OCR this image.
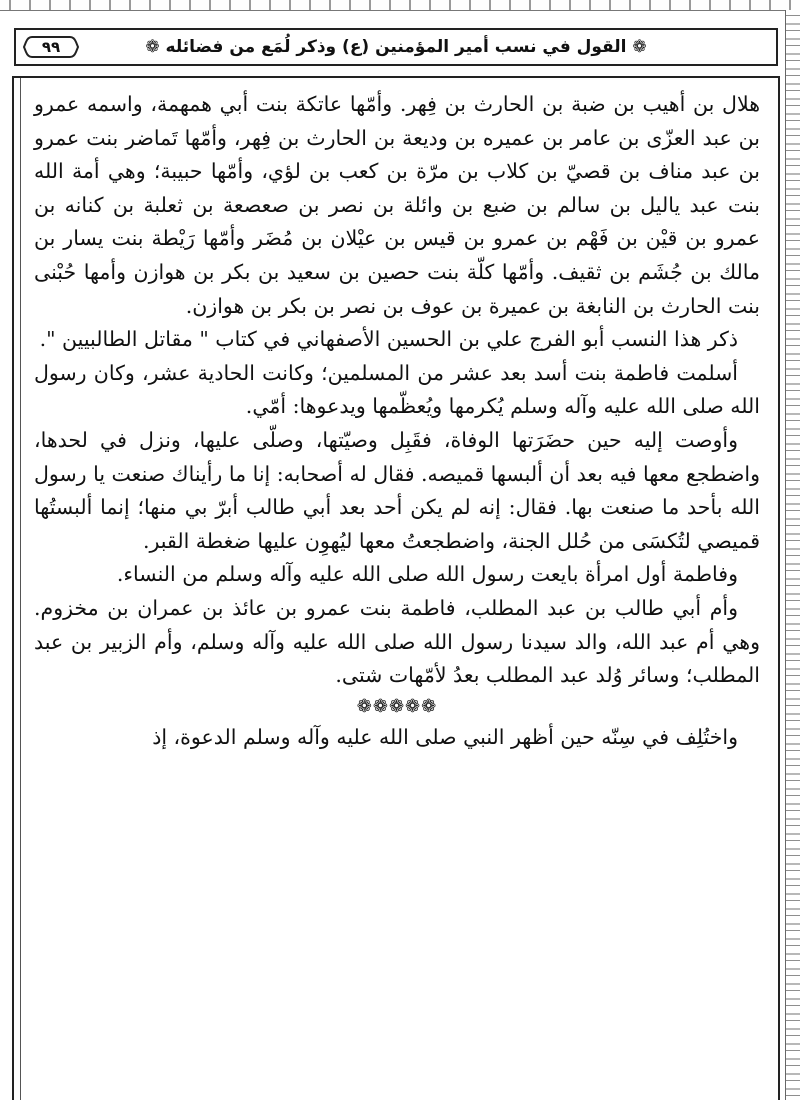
٩٩	❁ القول في نسب أمير المؤمنين (ع) وذكر لُمَع من فضائله ❁

هلال بن أهيب بن ضبة بن الحارث بن فِهر. وأمّها عاتكة بنت أبي همهمة، واسمه عمرو بن عبد العزّى بن عامر بن عميره بن وديعة بن الحارث بن فِهر، وأمّها تَماضر بنت عمرو بن عبد مناف بن قصيّ بن كلاب بن مرّة بن كعب بن لؤي، وأمّها حبيبة؛ وهي أمة الله بنت عبد ياليل بن سالم بن ضبع بن وائلة بن نصر بن صعصعة بن ثعلبة بن كنانه بن عمرو بن قيْن بن فَهْم بن عمرو بن قيس بن عيْلان بن مُضَر وأمّها رَيْطة بنت يسار بن مالك بن جُشَم بن ثقيف. وأمّها كلّة بنت حصين بن سعيد بن بكر بن هوازن وأمها حُبْنى بنت الحارث بن النابغة بن عميرة بن عوف بن نصر بن بكر بن هوازن.

ذكر هذا النسب أبو الفرج علي بن الحسين الأصفهاني في كتاب " مقاتل الطالبيين ".

أسلمت فاطمة بنت أسد بعد عشر من المسلمين؛ وكانت الحادية عشر، وكان رسول الله صلى الله عليه وآله وسلم يُكرمها ويُعظّمها ويدعوها: أمّي.

وأوصت إليه حين حضَرَتها الوفاة، فقَبِل وصيّتها، وصلّى عليها، ونزل في لحدها، واضطجع معها فيه بعد أن ألبسها قميصه. فقال له أصحابه: إنا ما رأيناك صنعت يا رسول الله بأحد ما صنعت بها. فقال: إنه لم يكن أحد بعد أبي طالب أبرّ بي منها؛ إنما ألبستُها قميصي لتُكسَى من حُلل الجنة، واضطجعتُ معها ليُهوِن عليها ضغطة القبر.

وفاطمة أول امرأة بايعت رسول الله صلى الله عليه وآله وسلم من النساء.

وأم أبي طالب بن عبد المطلب، فاطمة بنت عمرو بن عائذ بن عمران بن مخزوم. وهي أم عبد الله، والد سيدنا رسول الله صلى الله عليه وآله وسلم، وأم الزبير بن عبد المطلب؛ وسائر وُلد عبد المطلب بعدُ لأمّهات شتى.

❁❁❁❁❁

واختُلِف في سِنّه حين أظهر النبي صلى الله عليه وآله وسلم الدعوة، إذ
